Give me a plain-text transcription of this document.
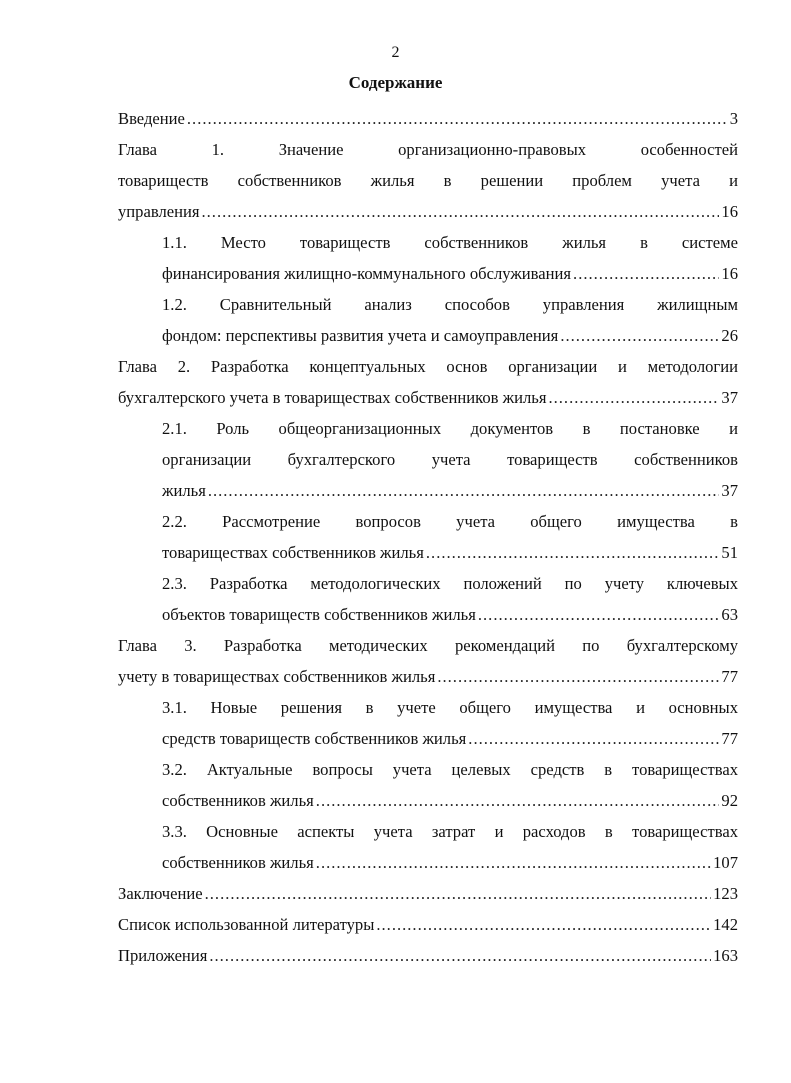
2
Содержание
Введение .....	3
Глава 1. Значение организационно-правовых особенностей
товариществ собственников жилья в решении проблем учета и
управления .....	16
1.1. Место товариществ собственников жилья в системе
финансирования жилищно-коммунального обслуживания .....	16
1.2. Сравнительный анализ способов управления жилищным
фондом: перспективы развития учета и самоуправления .....	26
Глава 2. Разработка концептуальных основ организации и методологии
бухгалтерского учета в товариществах собственников жилья .....	37
2.1. Роль общеорганизационных документов в постановке и
организации бухгалтерского учета товариществ собственников
жилья .....	37
2.2. Рассмотрение вопросов учета общего имущества в
товариществах собственников жилья .....	51
2.3. Разработка методологических положений по учету ключевых
объектов товариществ собственников жилья .....	63
Глава 3. Разработка методических рекомендаций по бухгалтерскому
учету в товариществах собственников жилья .....	77
3.1. Новые решения в учете общего имущества и основных
средств товариществ собственников жилья .....	77
3.2. Актуальные вопросы учета целевых средств в товариществах
собственников жилья .....	92
3.3. Основные аспекты учета затрат и расходов в товариществах
собственников жилья .....	107
Заключение .....	123
Список использованной литературы .....	142
Приложения .....	163
